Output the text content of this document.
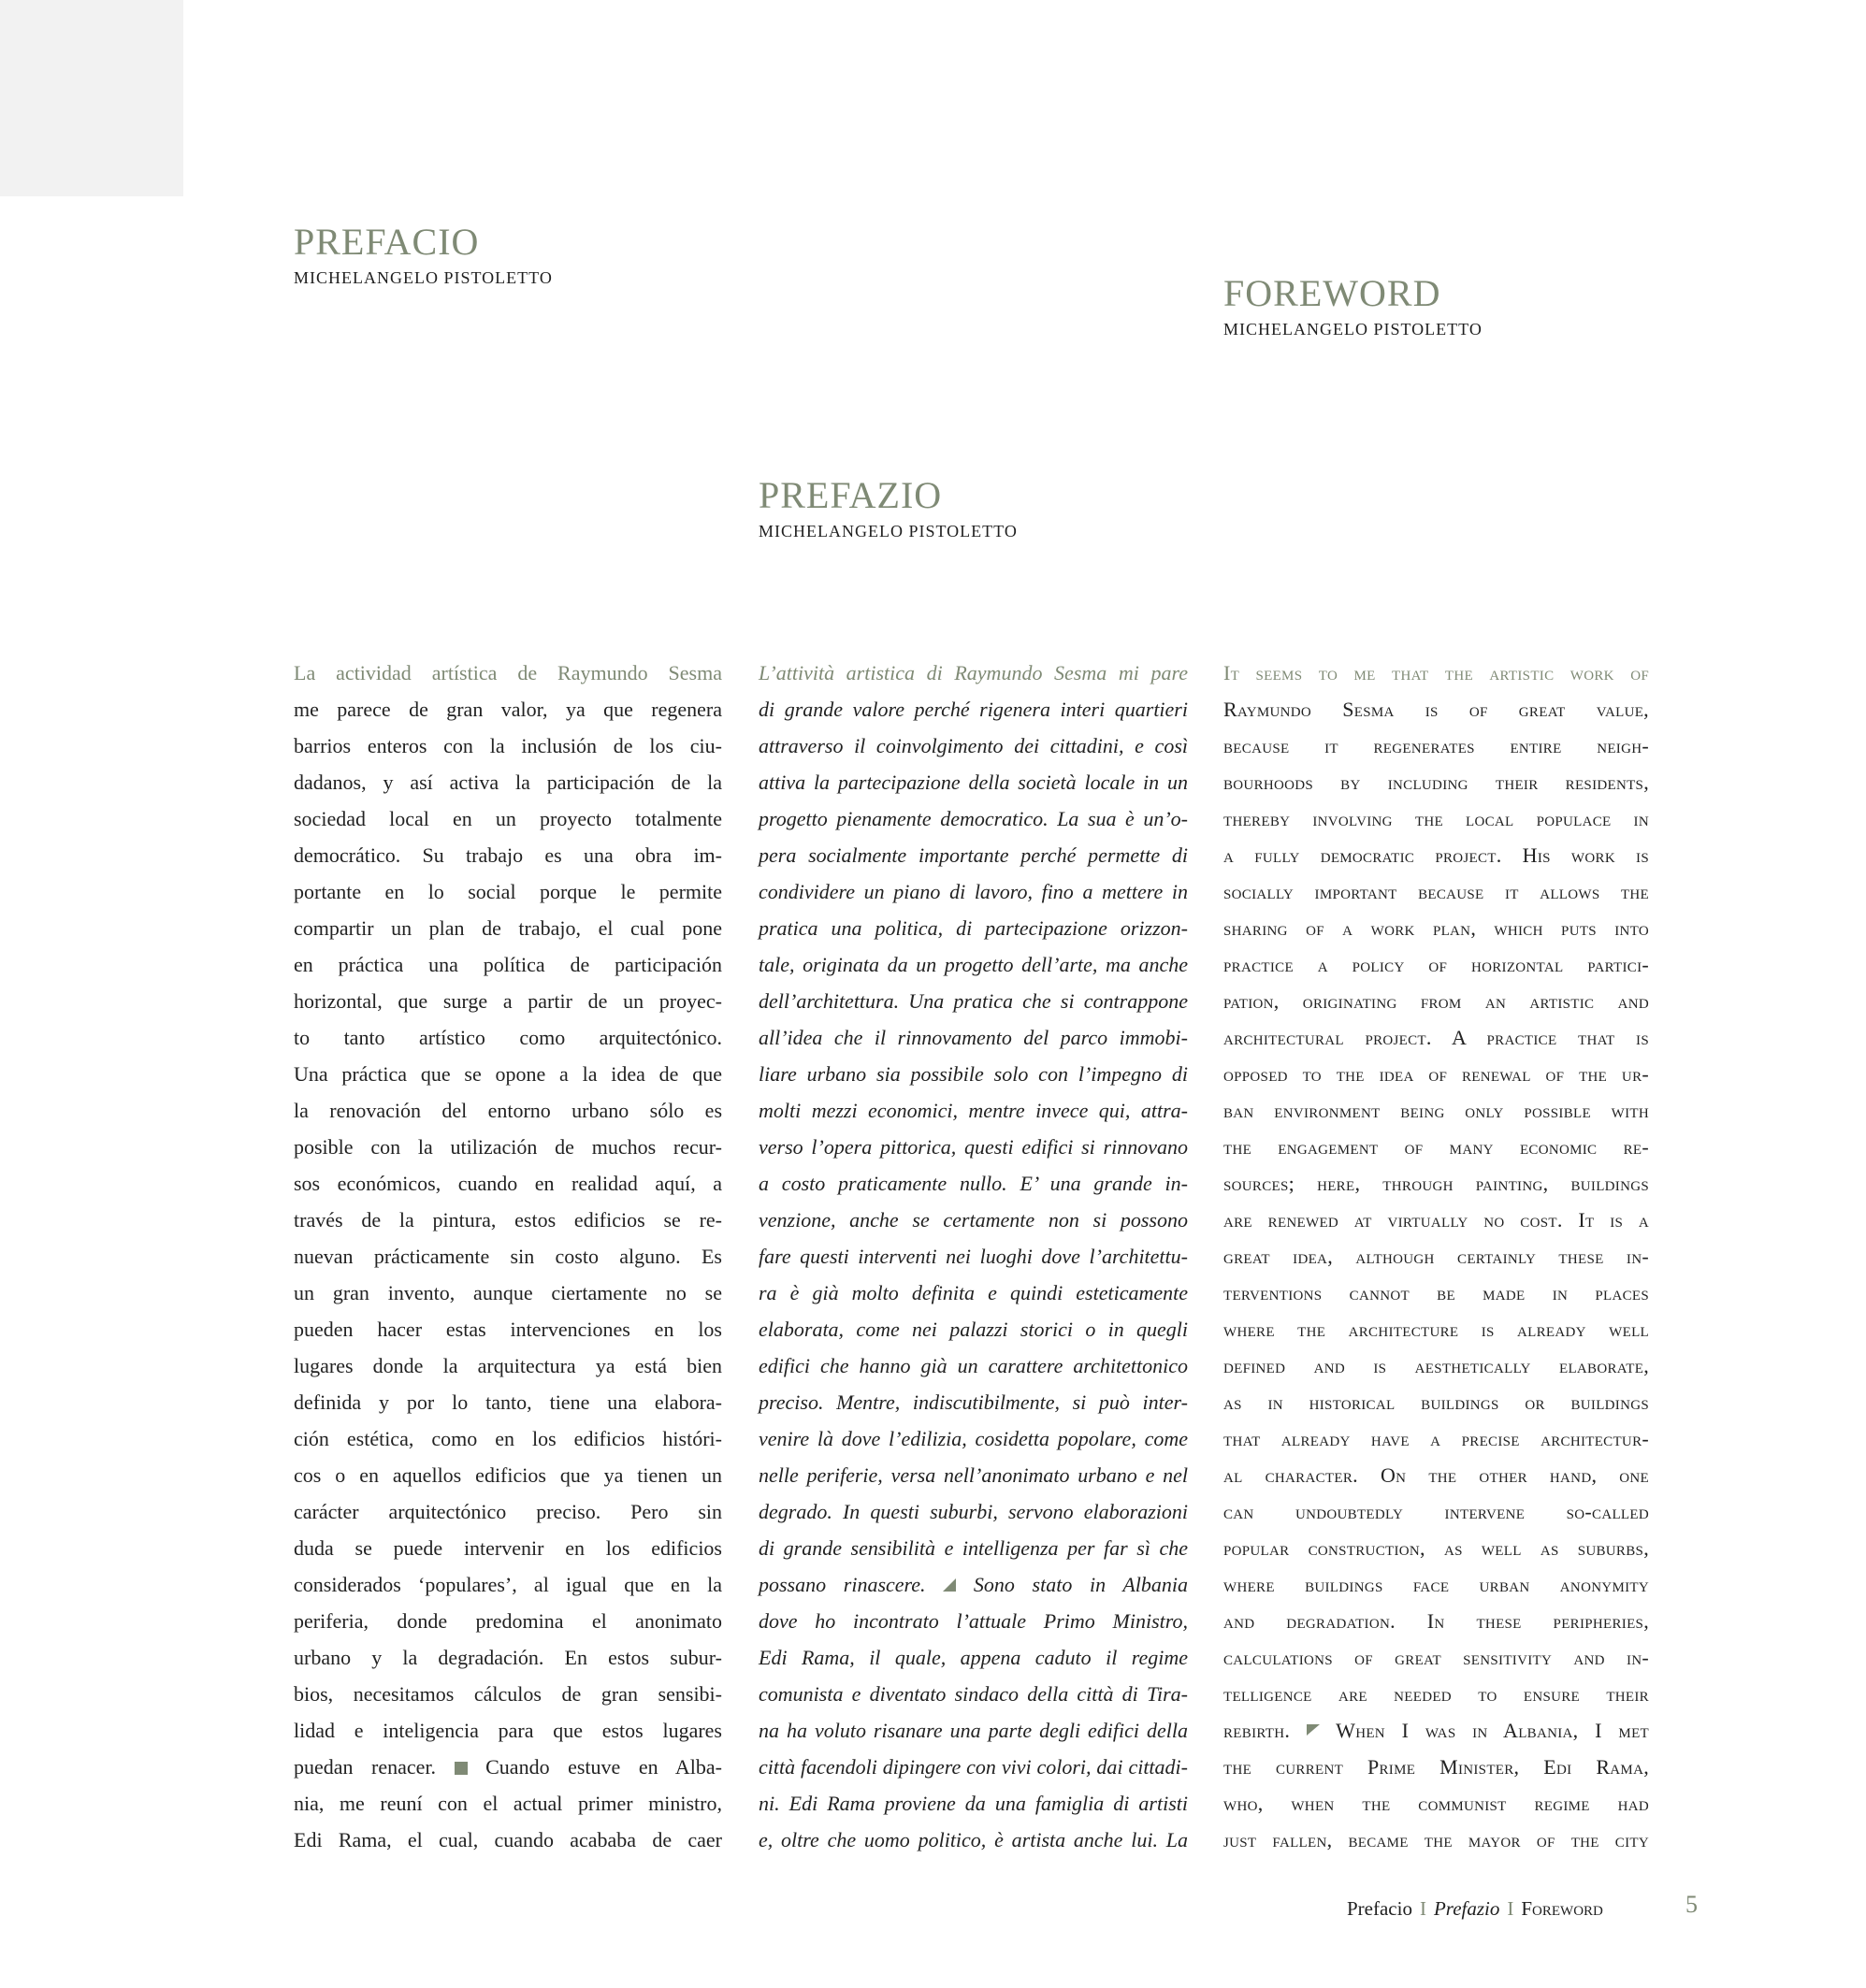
PREFACIO
MICHELANGELO PISTOLETTO	FOREWORD
MICHELANGELO PISTOLETTO
PREFAZIO
MICHELANGELO PISTOLETTO
La actividad artística de Raymundo Sesma
me parece de gran valor, ya que regenera
barrios enteros con la inclusión de los ciu-
dadanos, y así activa la participación de la
sociedad local en un proyecto totalmente
democrático. Su trabajo es una obra im-
portante en lo social porque le permite
compartir un plan de trabajo, el cual pone
en práctica una política de participación
horizontal, que surge a partir de un proyec-
to tanto artístico como arquitectónico.
Una práctica que se opone a la idea de que
la renovación del entorno urbano sólo es
posible con la utilización de muchos recur-
sos económicos, cuando en realidad aquí, a
través de la pintura, estos edificios se re-
nuevan prácticamente sin costo alguno. Es
un gran invento, aunque ciertamente no se
pueden hacer estas intervenciones en los
lugares donde la arquitectura ya está bien
definida y por lo tanto, tiene una elabora-
ción estética, como en los edificios históri-
cos o en aquellos edificios que ya tienen un
carácter arquitectónico preciso. Pero sin
duda se puede intervenir en los edificios
considerados ‘populares’, al igual que en la
periferia, donde predomina el anonimato
urbano y la degradación. En estos subur-
bios, necesitamos cálculos de gran sensibi-
lidad e inteligencia para que estos lugares
puedan renacer. Cuando estuve en Alba-
nia, me reuní con el actual primer ministro,
Edi Rama, el cual, cuando acababa de caer
L’attività artistica di Raymundo Sesma mi pare
di grande valore perché rigenera interi quartieri
attraverso il coinvolgimento dei cittadini, e così
attiva la partecipazione della società locale in un
progetto pienamente democratico. La sua è un’o-
pera socialmente importante perché permette di
condividere un piano di lavoro, fino a mettere in
pratica una politica, di partecipazione orizzon-
tale, originata da un progetto dell’arte, ma anche
dell’architettura. Una pratica che si contrappone
all’idea che il rinnovamento del parco immobi-
liare urbano sia possibile solo con l’impegno di
molti mezzi economici, mentre invece qui, attra-
verso l’opera pittorica, questi edifici si rinnovano
a costo praticamente nullo. E’ una grande in-
venzione, anche se certamente non si possono
fare questi interventi nei luoghi dove l’architettu-
ra è già molto definita e quindi esteticamente
elaborata, come nei palazzi storici o in quegli
edifici che hanno già un carattere architettonico
preciso. Mentre, indiscutibilmente, si può inter-
venire là dove l’edilizia, cosidetta popolare, come
nelle periferie, versa nell’anonimato urbano e nel
degrado. In questi suburbi, servono elaborazioni
di grande sensibilità e intelligenza per far sì che
possano rinascere. Sono stato in Albania
dove ho incontrato l’attuale Primo Ministro,
Edi Rama, il quale, appena caduto il regime
comunista e diventato sindaco della città di Tira-
na ha voluto risanare una parte degli edifici della
città facendoli dipingere con vivi colori, dai cittadi-
ni. Edi Rama proviene da una famiglia di artisti
e, oltre che uomo politico, è artista anche lui. La
It seems to me that the artistic work of
Raymundo Sesma is of great value,
because it regenerates entire neigh-
bourhoods by including their residents,
thereby involving the local populace in
a fully democratic project. His work is
socially important because it allows the
sharing of a work plan, which puts into
practice a policy of horizontal partici-
pation, originating from an artistic and
architectural project. A practice that is
opposed to the idea of renewal of the ur-
ban environment being only possible with
the engagement of many economic re-
sources; here, through painting, buildings
are renewed at virtually no cost. It is a
great idea, although certainly these in-
terventions cannot be made in places
where the architecture is already well
defined and is aesthetically elaborate,
as in historical buildings or buildings
that already have a precise architectur-
al character. On the other hand, one
can undoubtedly intervene so-called
popular construction, as well as suburbs,
where buildings face urban anonymity
and degradation. In these peripheries,
calculations of great sensitivity and in-
telligence are needed to ensure their
rebirth. When I was in Albania, I met
the current Prime Minister, Edi Rama,
who, when the communist regime had
just fallen, became the mayor of the city
Prefacio I Prefazio I Foreword	5
